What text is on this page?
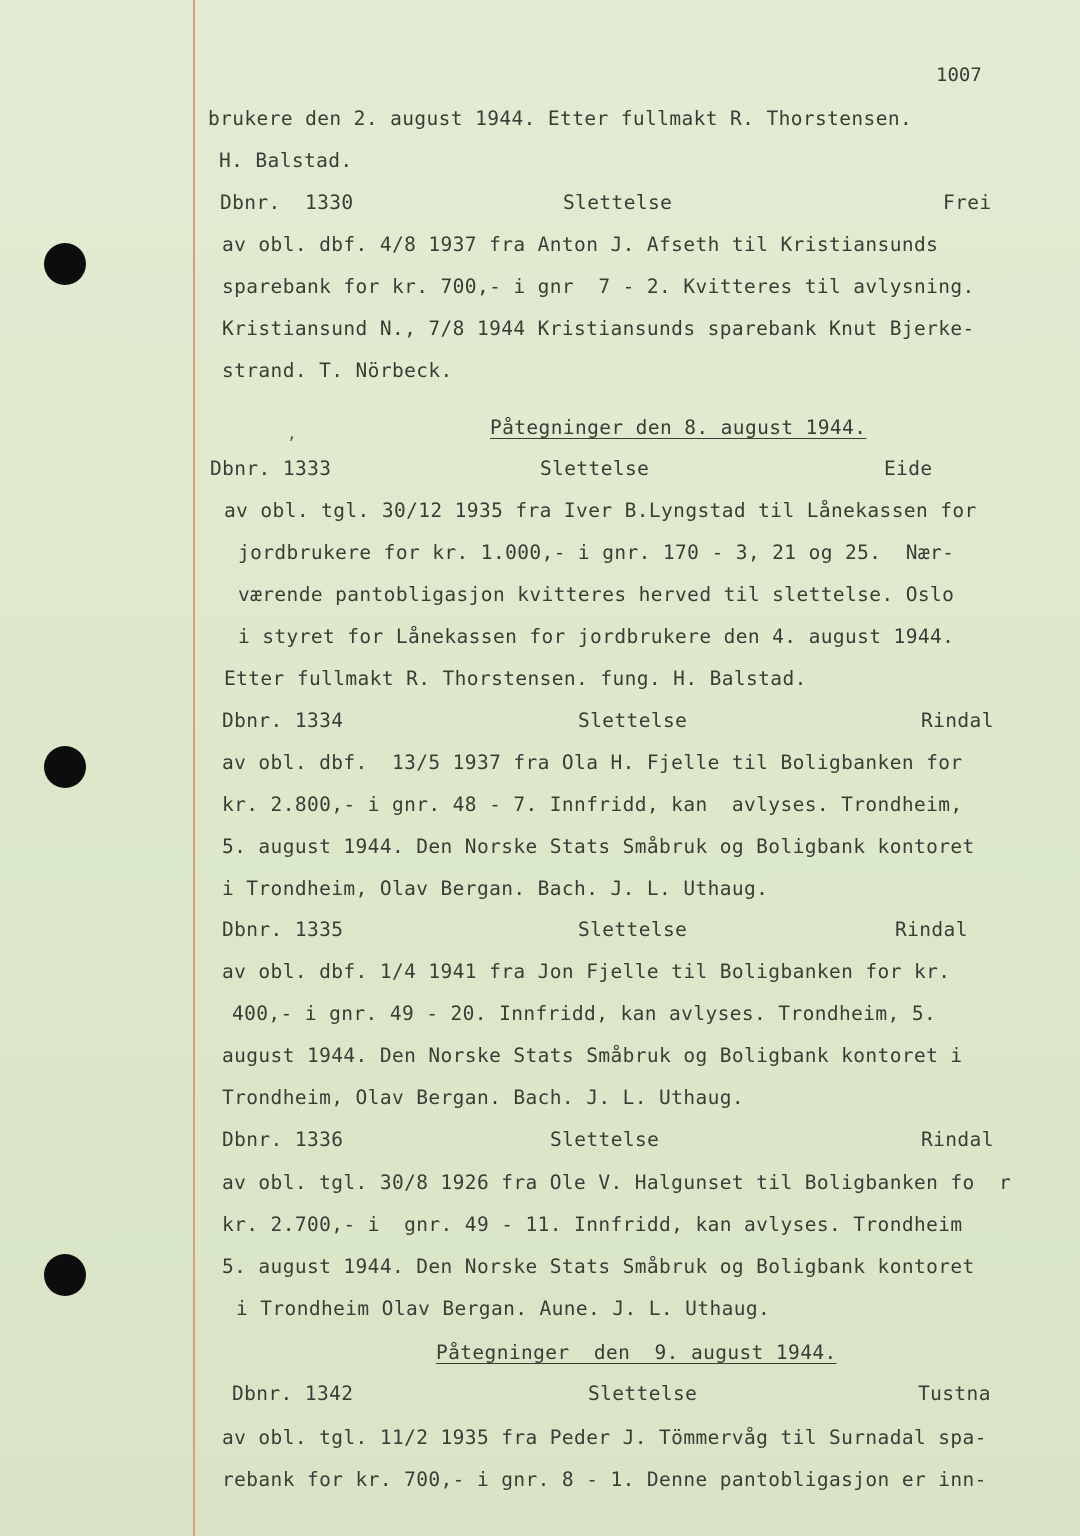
1007
brukere den 2. august 1944. Etter fullmakt R. Thorstensen.
H. Balstad.
Dbnr.  1330	Slettelse	Frei
av obl. dbf. 4/8 1937 fra Anton J. Afseth til Kristiansunds
sparebank for kr. 700,- i gnr  7 - 2. Kvitteres til avlysning.
Kristiansund N., 7/8 1944 Kristiansunds sparebank Knut Bjerke-
strand. T. Nörbeck.
,	Påtegninger den 8. august 1944.
Dbnr. 1333	Slettelse	Eide
av obl. tgl. 30/12 1935 fra Iver B.Lyngstad til Lånekassen for
jordbrukere for kr. 1.000,- i gnr. 170 - 3, 21 og 25.  Nær-
værende pantobligasjon kvitteres herved til slettelse. Oslo
i styret for Lånekassen for jordbrukere den 4. august 1944.
Etter fullmakt R. Thorstensen. fung. H. Balstad.
Dbnr. 1334	Slettelse	Rindal
av obl. dbf.  13/5 1937 fra Ola H. Fjelle til Boligbanken for
kr. 2.800,- i gnr. 48 - 7. Innfridd, kan  avlyses. Trondheim,
5. august 1944. Den Norske Stats Småbruk og Boligbank kontoret
i Trondheim, Olav Bergan. Bach. J. L. Uthaug.
Dbnr. 1335	Slettelse	Rindal
av obl. dbf. 1/4 1941 fra Jon Fjelle til Boligbanken for kr.
400,- i gnr. 49 - 20. Innfridd, kan avlyses. Trondheim, 5.
august 1944. Den Norske Stats Småbruk og Boligbank kontoret i
Trondheim, Olav Bergan. Bach. J. L. Uthaug.
Dbnr. 1336	Slettelse	Rindal
av obl. tgl. 30/8 1926 fra Ole V. Halgunset til Boligbanken fo  r
kr. 2.700,- i  gnr. 49 - 11. Innfridd, kan avlyses. Trondheim
5. august 1944. Den Norske Stats Småbruk og Boligbank kontoret
i Trondheim Olav Bergan. Aune. J. L. Uthaug.
Påtegninger  den  9. august 1944.
Dbnr. 1342	Slettelse	Tustna
av obl. tgl. 11/2 1935 fra Peder J. Tömmervåg til Surnadal spa-
rebank for kr. 700,- i gnr. 8 - 1. Denne pantobligasjon er inn-
